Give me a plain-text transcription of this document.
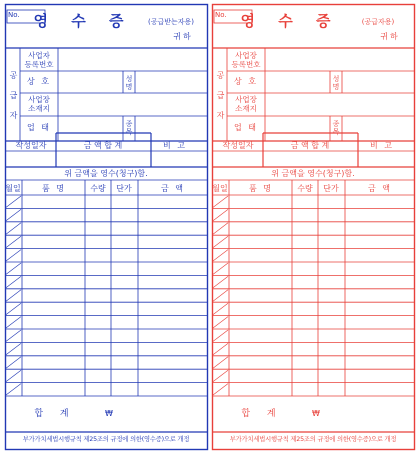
No. 영 수 증 (공급받는자용)
귀하
공급자
사업자
등록번호
상 호	성
명
사업장
소재지
업 태	종
목
작성일자	금 액 합 계	비 고
위 금액을 영수(청구)함.
월일	품 명	수량 단가	금 액
합 계	₩
부가가치세법시행규칙 제25조의 규정에 의한(영수증)으로 개정
No. 영 수 증	(공급자용)
귀하
공급자
사업장
등록번호
상 호	성
명
사업장
소재지
업 태	종
목
작성일자	금 액 합 계	비 고
위 금액을 영수(청구)함.
월일	품 명	수량 단가	금 액
합 계	₩
부가가치세법시행규칙 제25조의 규정에 의한(영수증)으로 개정
